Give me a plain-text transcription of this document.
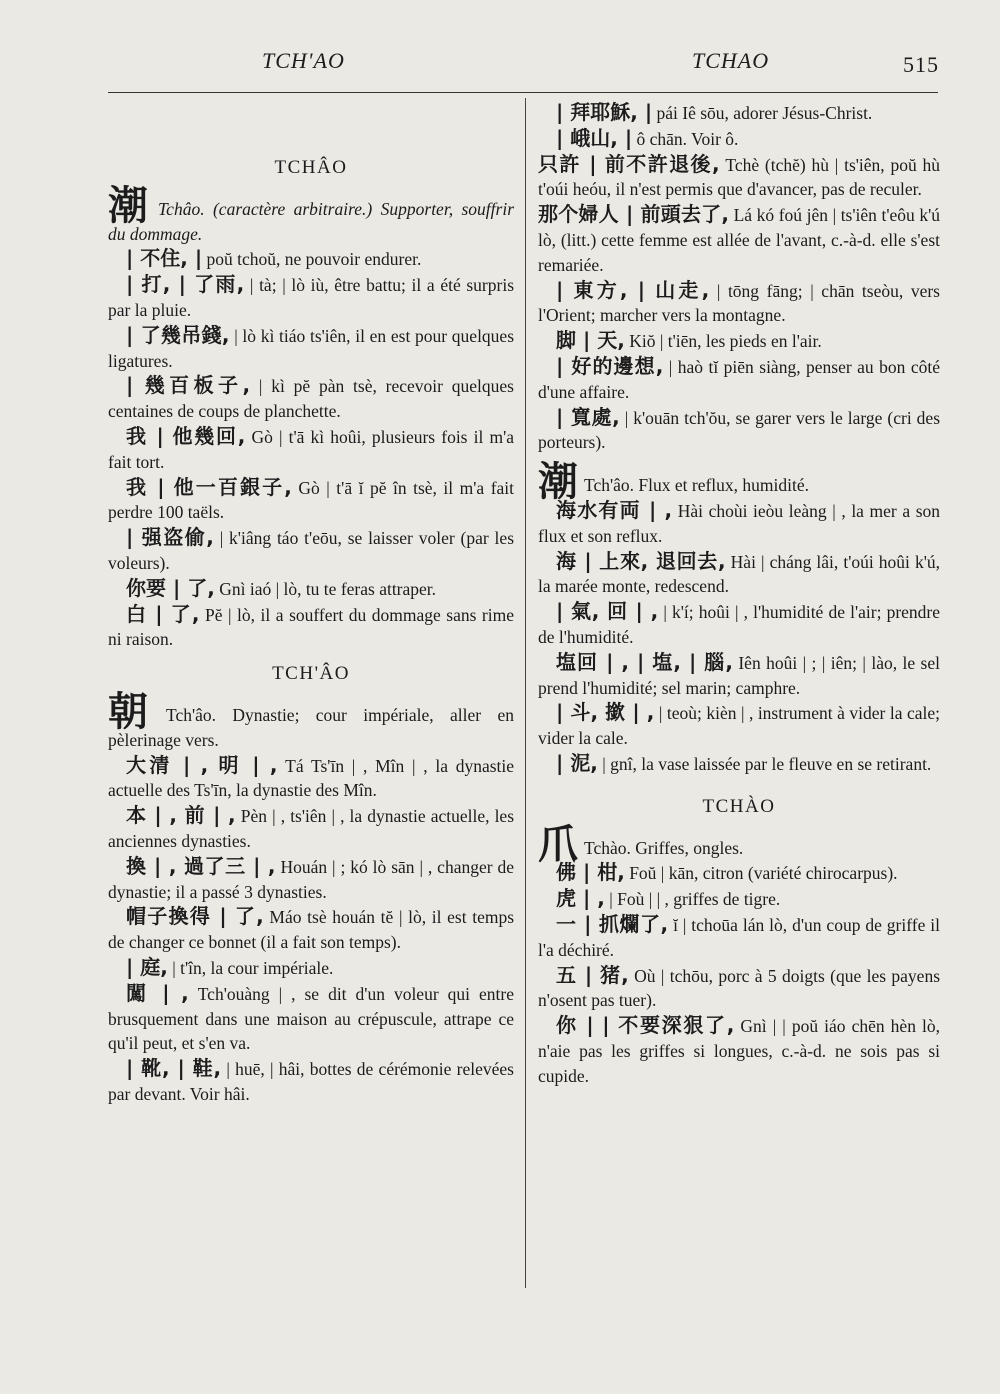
TCH'AO	TCHAO	515
TCHÂO

潮 Tchâo. (caractère arbitraire.) Supporter, souffrir du dommage.

| 不住, | poŭ tchoŭ, ne pouvoir endurer.

| 打, | 了雨, | tà; | lò iù, être battu; il a été surpris par la pluie.

| 了幾吊錢, | lò kì tiáo ts'iên, il en est pour quelques ligatures.

| 幾百板子, | kì pĕ pàn tsè, recevoir quelques centaines de coups de planchette.

我 | 他幾回, Gò | t'ā kì hoûi, plusieurs fois il m'a fait tort.

我 | 他一百銀子, Gò | t'ā ĭ pĕ în tsè, il m'a fait perdre 100 taëls.

| 强盗偷, | k'iâng táo t'eōu, se laisser voler (par les voleurs).

你要 | 了, Gnì iaó | lò, tu te feras attraper.

白 | 了, Pĕ | lò, il a souffert du dommage sans rime ni raison.

TCH'ÂO

朝 Tch'âo. Dynastie; cour impériale, aller en pèlerinage vers.

大清 | , 明 | , Tá Ts'īn | , Mîn | , la dynastie actuelle des Ts'īn, la dynastie des Mîn.

本 | , 前 | , Pèn | , ts'iên | , la dynastie actuelle, les anciennes dynasties.

換 | , 過了三 | , Houán | ; kó lò sān | , changer de dynastie; il a passé 3 dynasties.

帽子換得 | 了, Máo tsè houán tĕ | lò, il est temps de changer ce bonnet (il a fait son temps).

| 庭, | t'în, la cour impériale.

闖 | , Tch'ouàng | , se dit d'un voleur qui entre brusquement dans une maison au crépuscule, attrape ce qu'il peut, et s'en va.

| 靴, | 鞋, | huē, | hâi, bottes de cérémonie relevées par devant. Voir hâi.

| 拜耶穌, | pái Iê sōu, adorer Jésus-Christ.

| 峨山, | ô chān. Voir ô.

只許 | 前不許退後, Tchè (tchĕ) hù | ts'iên, poŭ hù t'oúi heóu, il n'est permis que d'avancer, pas de reculer.

那个婦人 | 前頭去了, Lá kó foú jên | ts'iên t'eôu k'ú lò, (litt.) cette femme est allée de l'avant, c.-à-d. elle s'est remariée.

| 東方, | 山走, | tōng fāng; | chān tseòu, vers l'Orient; marcher vers la montagne.

脚 | 天, Kiŏ | t'iēn, les pieds en l'air.

| 好的邊想, | haò tĭ piēn siàng, penser au bon côté d'une affaire.

| 寬處, | k'ouān tch'ŏu, se garer vers le large (cri des porteurs).

潮 Tch'âo. Flux et reflux, humidité.

海水有両 | , Hài choùi iеòu leàng | , la mer a son flux et son reflux.

海 | 上來, 退回去, Hài | cháng lâi, t'oúi hoûi k'ú, la marée monte, redescend.

| 氣, 回 | , | k'í; hoûi | , l'humidité de l'air; prendre de l'humidité.

塩回 | , | 塩, | 腦, Iên hoûi | ; | iên; | lào, le sel prend l'humidité; sel marin; camphre.

| 斗, 撳 | , | teoù; kièn | , instrument à vider la cale; vider la cale.

| 泥, | gnî, la vase laissée par le fleuve en se retirant.

TCHÀO

爪 Tchào. Griffes, ongles.

佛 | 柑, Foŭ | kān, citron (variété chirocarpus).

虎 | , | Foù | | , griffes de tigre.

一 | 抓爛了, ĭ | tchoūa lán lò, d'un coup de griffe il l'a déchiré.

五 | 猪, Où | tchōu, porc à 5 doigts (que les payens n'osent pas tuer).

你 | | 不要深狠了, Gnì | | poŭ iáo chēn hèn lò, n'aie pas les griffes si longues, c.-à-d. ne sois pas si cupide.
